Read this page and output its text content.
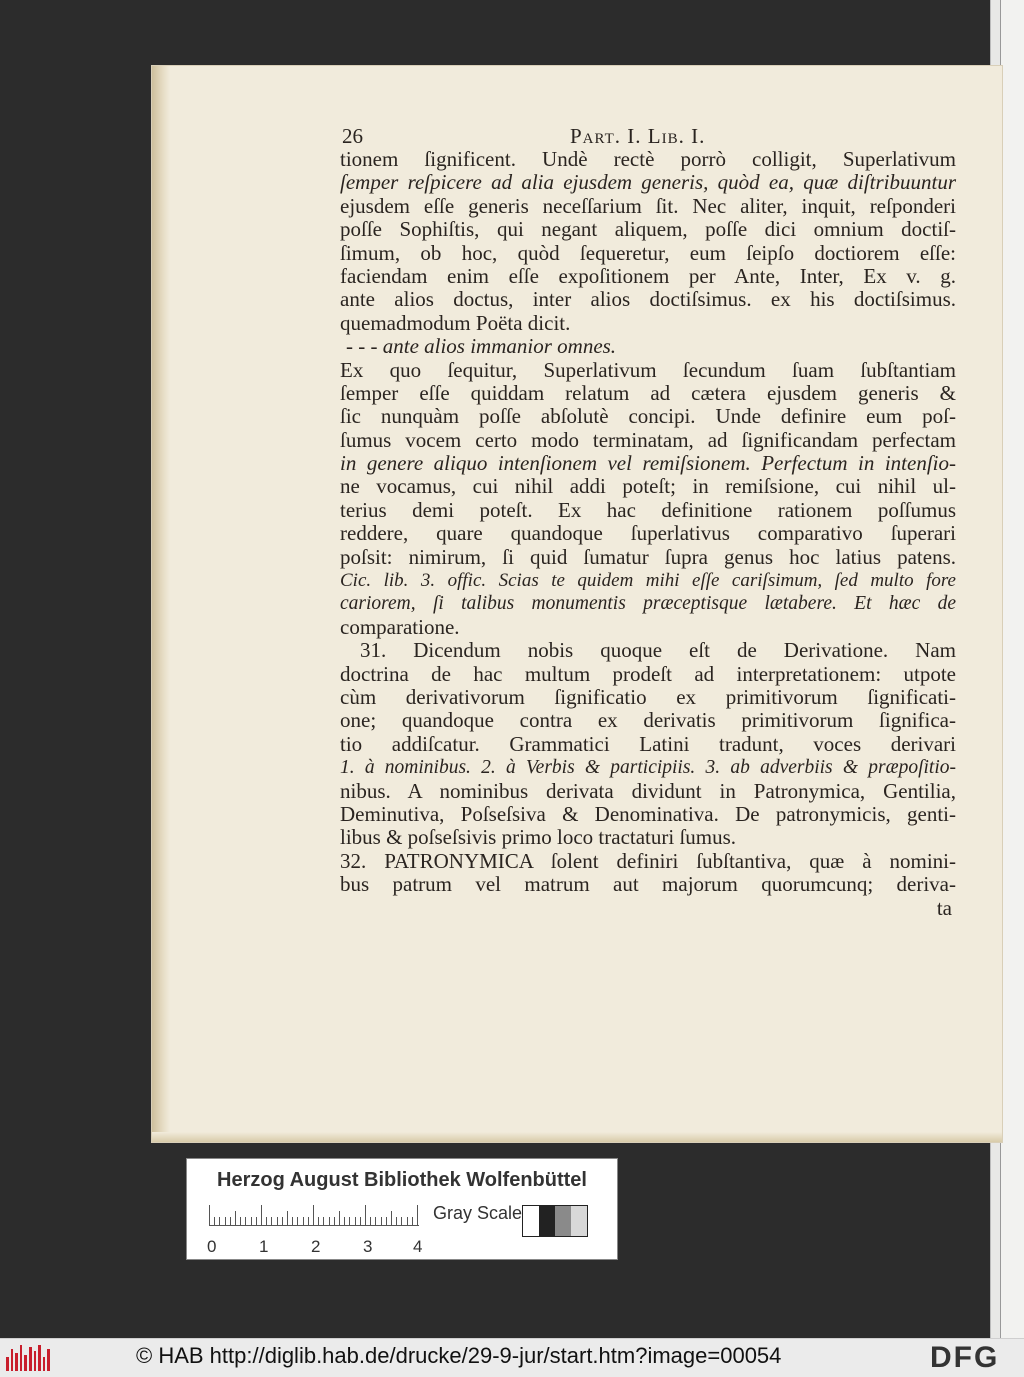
26	Part. I. Lib. I.
tionem ſignificent. Undè rectè porrò colligit, Superlativum
ſemper reſpicere ad alia ejusdem generis, quòd ea, quæ diſtribuuntur
ejusdem eſſe generis neceſſarium ſit. Nec aliter, inquit, reſponderi
poſſe Sophiſtis, qui negant aliquem, poſſe dici omnium doctiſ-
ſimum, ob hoc, quòd ſequeretur, eum ſeipſo doctiorem eſſe:
faciendam enim eſſe expoſitionem per Ante, Inter, Ex v. g.
ante alios doctus, inter alios doctiſsimus. ex his doctiſsimus.
quemadmodum Poëta dicit.
- - - ante alios immanior omnes.
Ex quo ſequitur, Superlativum ſecundum ſuam ſubſtantiam
ſemper eſſe quiddam relatum ad cætera ejusdem generis &
ſic nunquàm poſſe abſolutè concipi. Unde definire eum poſ-
ſumus vocem certo modo terminatam, ad ſignificandam perfectam
in genere aliquo intenſionem vel remiſsionem. Perfectum in intenſio-
ne vocamus, cui nihil addi poteſt; in remiſsione, cui nihil ul-
terius demi poteſt. Ex hac definitione rationem poſſumus
reddere, quare quandoque ſuperlativus comparativo ſuperari
poſsit: nimirum, ſi quid ſumatur ſupra genus hoc latius patens.
Cic. lib. 3. offic. Scias te quidem mihi eſſe cariſsimum, ſed multo fore
cariorem, ſi talibus monumentis præceptisque lætabere. Et hæc de
comparatione.
31. Dicendum nobis quoque eſt de Derivatione. Nam
doctrina de hac multum prodeſt ad interpretationem: utpote
cùm derivativorum ſignificatio ex primitivorum ſignificati-
one; quandoque contra ex derivatis primitivorum ſignifica-
tio addiſcatur. Grammatici Latini tradunt, voces derivari
1. à nominibus. 2. à Verbis & participiis. 3. ab adverbiis & præpoſitio-
nibus. A nominibus derivata dividunt in Patronymica, Gentilia,
Deminutiva, Poſseſsiva & Denominativa. De patronymicis, genti-
libus & poſseſsivis primo loco tractaturi ſumus.
32. PATRONYMICA ſolent definiri ſubſtantiva, quæ à nomini-
bus patrum vel matrum aut majorum quorumcunq; deriva-
ta
Herzog August Bibliothek Wolfenbüttel
0	1	2	3 4
Gray Scale
© HAB http://diglib.hab.de/drucke/29-9-jur/start.htm?image=00054	DFG
